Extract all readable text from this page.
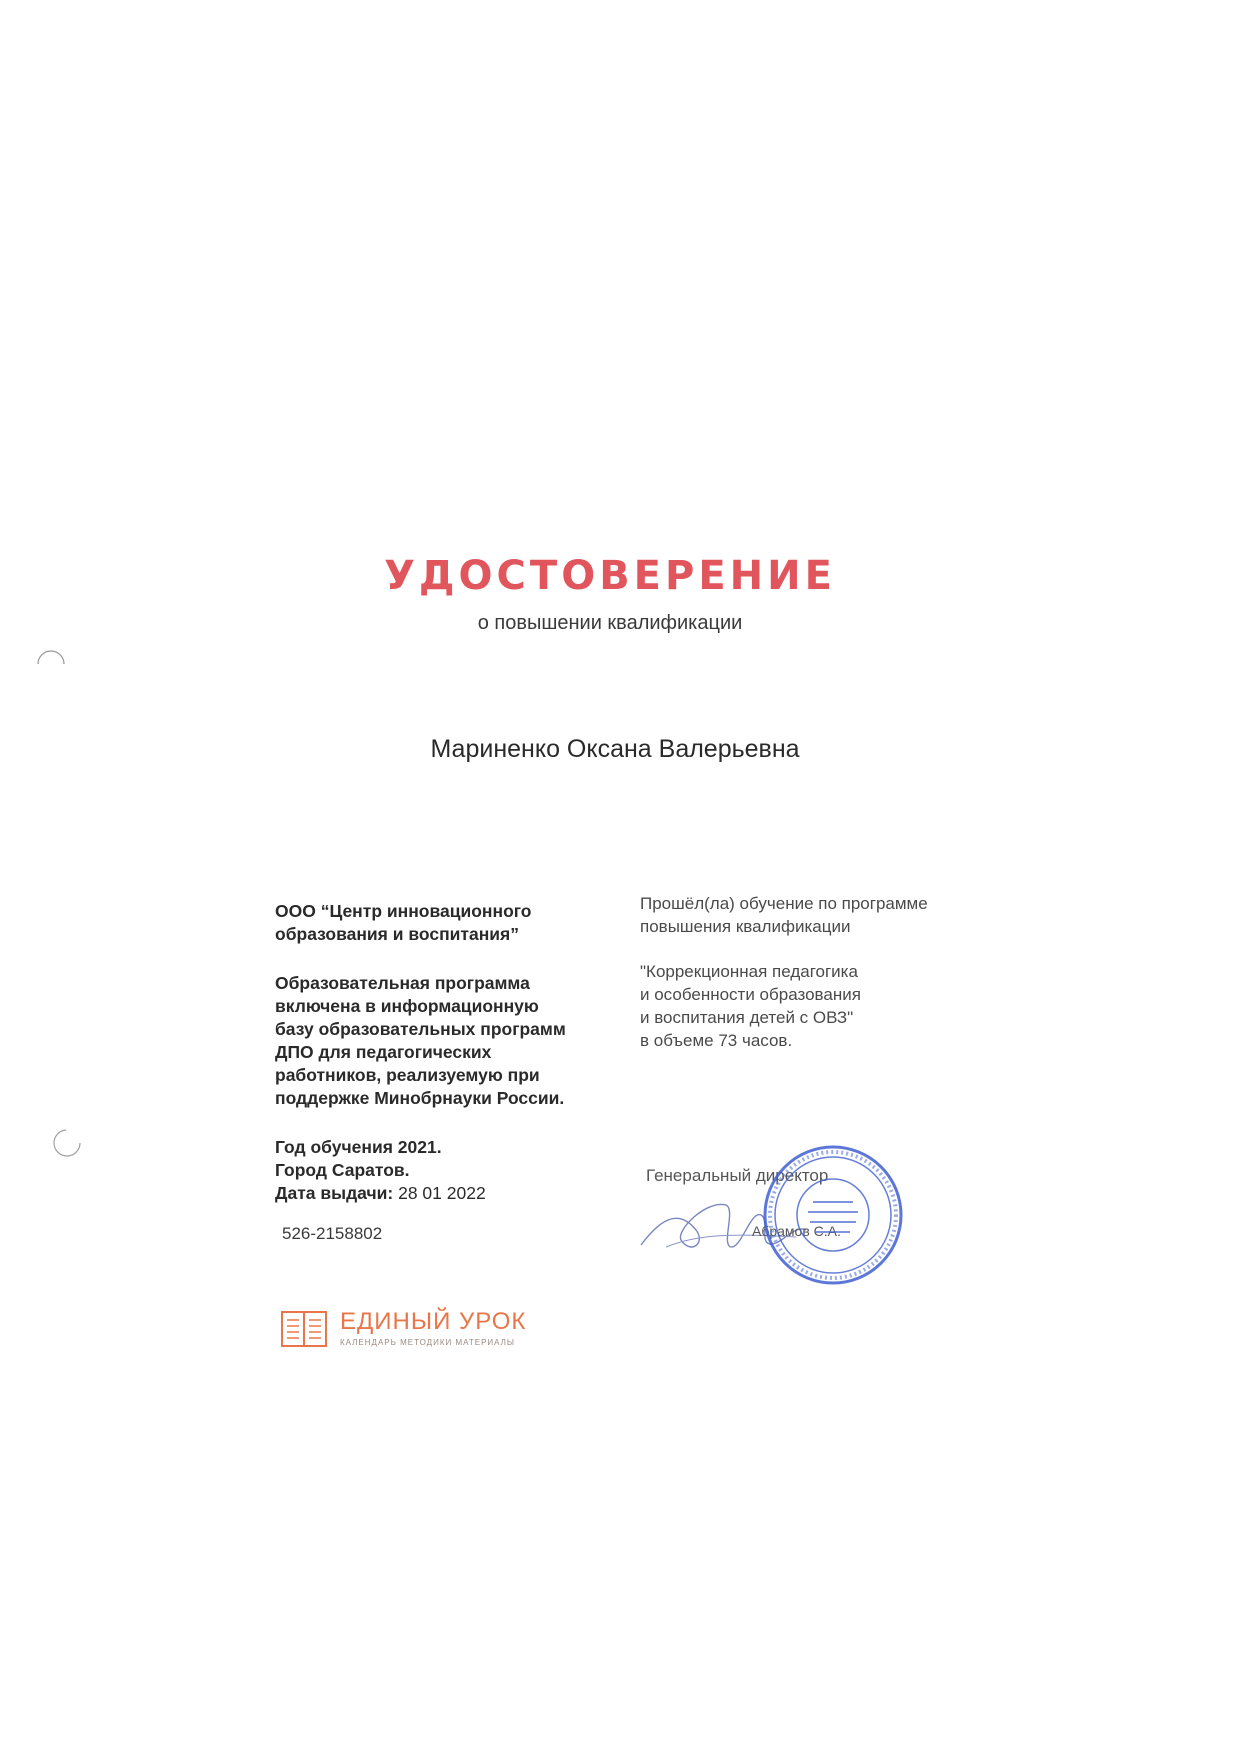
УДОСТОВЕРЕНИЕ
о повышении квалификации
Мариненко Оксана Валерьевна

ООО “Центр инновационного

образования и воспитания”

Образовательная программа

включена в информационную

базу образовательных программ

ДПО для педагогических

работников, реализуемую при

поддержке Минобрнауки России.

Год обучения 2021.

Город Саратов.

Дата выдачи: 28 01 2022

526-2158802

Прошёл(ла) обучение по программе

повышения квалификации

"Коррекционная педагогика

и особенности образования

и воспитания детей с ОВЗ"

в объеме 73 часов.

Генеральный директор
Абрамов С.А.
ЕДИНЫЙ УРОК
КАЛЕНДАРЬ МЕТОДИКИ МАТЕРИАЛЫ
